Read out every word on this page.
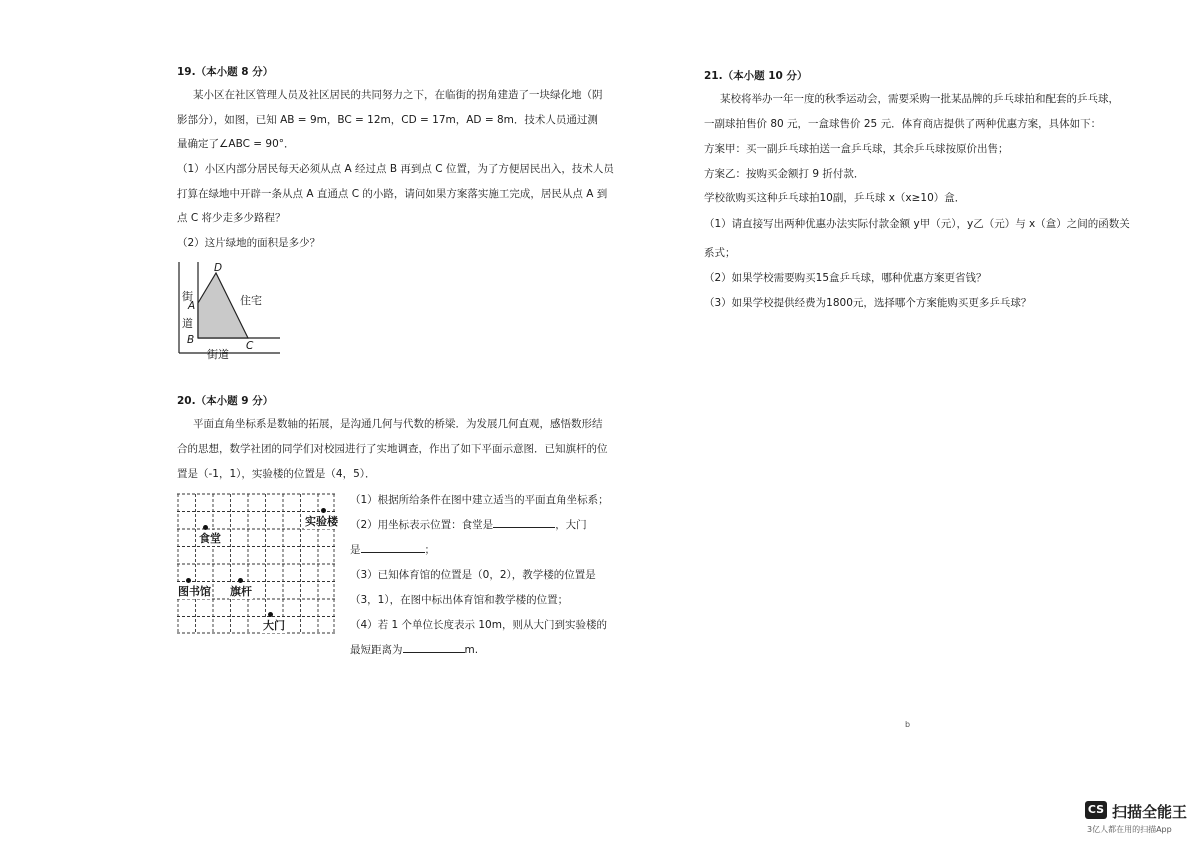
19.（本小题 8 分）
某小区在社区管理人员及社区居民的共同努力之下，在临街的拐角建造了一块绿化地（阴
影部分），如图，已知 AB = 9m，BC = 12m，CD = 17m，AD = 8m．技术人员通过测
量确定了∠ABC = 90°．
（1）小区内部分居民每天必须从点 A 经过点 B 再到点 C 位置，为了方便居民出入，技术人员
打算在绿地中开辟一条从点 A 直通点 C 的小路，请问如果方案落实施工完成，居民从点 A 到
点 C 将少走多少路程？
（2）这片绿地的面积是多少？
街
道
街道
住宅
D
A
B	C
20.（本小题 9 分）
平面直角坐标系是数轴的拓展，是沟通几何与代数的桥梁．为发展几何直观，感悟数形结
合的思想，数学社团的同学们对校园进行了实地调查，作出了如下平面示意图．已知旗杆的位
置是（-1，1），实验楼的位置是（4，5）．
实验楼
食堂
图书馆 旗杆
大门
（1）根据所给条件在图中建立适当的平面直角坐标系；
（2）用坐标表示位置：食堂是	，大门
是	；
（3）已知体育馆的位置是（0，2），教学楼的位置是
（3，1），在图中标出体育馆和教学楼的位置；
（4）若 1 个单位长度表示 10m，则从大门到实验楼的
最短距离为	m.
21.（本小题 10 分）
某校将举办一年一度的秋季运动会，需要采购一批某品牌的乒乓球拍和配套的乒乓球，
一副球拍售价 80 元，一盒球售价 25 元．体育商店提供了两种优惠方案，具体如下：
方案甲：买一副乒乓球拍送一盒乒乓球，其余乒乓球按原价出售；
方案乙：按购买金额打 9 折付款．
学校欲购买这种乒乓球拍10副，乒乓球 x（x≥10）盒．
（1）请直接写出两种优惠办法实际付款金额 y甲（元），y乙（元）与 x（盒）之间的函数关
系式；
（2）如果学校需要购买15盒乒乓球，哪种优惠方案更省钱？
（3）如果学校提供经费为1800元，选择哪个方案能购买更多乒乓球？
b
CS 扫描全能王
3亿人都在用的扫描App
